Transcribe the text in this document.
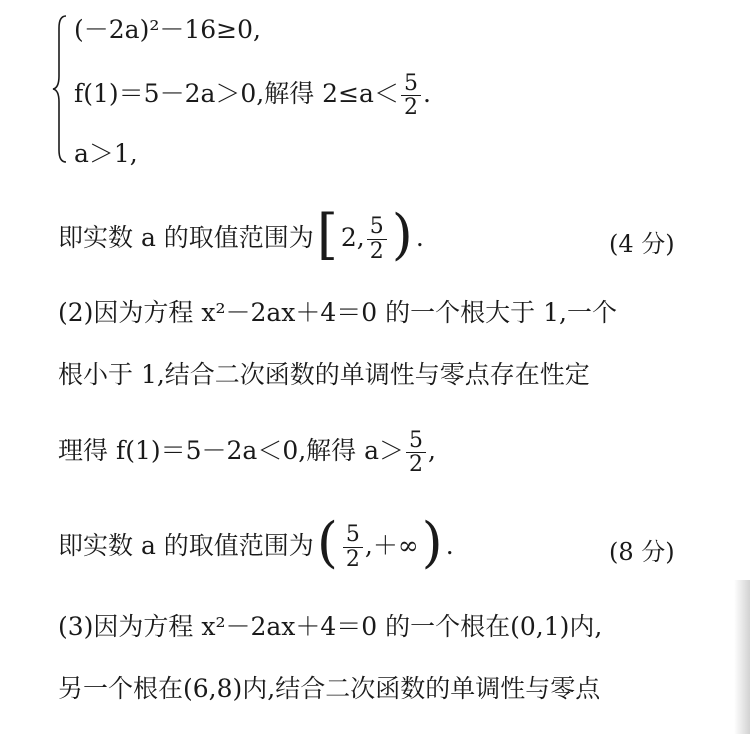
(－2a)²－16≥0,
f(1)＝5－2a＞0,解得 $2\le a< \frac{5}{2}$ .
a＞1,
即实数 a 的取值范围为 [ 2, $\frac{5}{2}$ ) .	(4 分)
(2)因为方程 x²－2ax＋4＝0 的一个根大于 1,一个
根小于 1,结合二次函数的单调性与零点存在性定
理得 f(1)＝5－2a＜0,解得 $a> \frac{5}{2}$ ,
即实数 a 的取值范围为 ( $\frac{5}{2}$ ,＋∞ ) .	(8 分)
(3)因为方程 x²－2ax＋4＝0 的一个根在(0,1)内,
另一个根在(6,8)内,结合二次函数的单调性与零点
